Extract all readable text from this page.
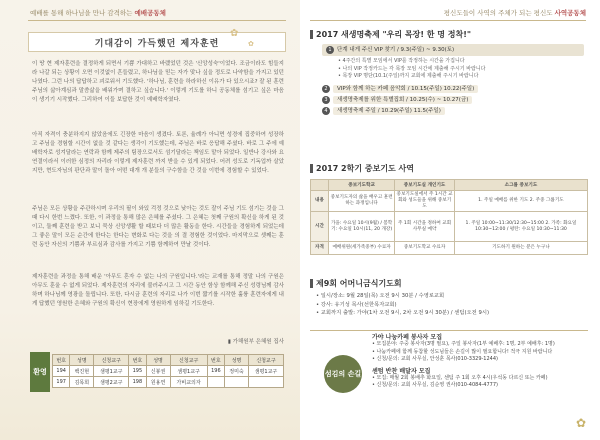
예배를 통해 하나님을 만나 감격하는 예배공동체
기대감이 가득했던 제자훈련
✿
✿
이 땅 현 제자훈련을 결정하게 되면서 기쁨 가대하고 바랬었던 것은 '신앙성숙'이었다. 조금이라도 힘들지라 나갈 되는 상황이 오면 이것없이 흔들렸고, 하나님을 믿는 자가 맞나 싶을 정도로 나약함을 가지고 있던 나였다. 그런 나의 답답하고 괴로워서 기도했다. '하나님, 훈련을 하라하신 이유가 다 있으시죠? 잘 된 훈련 주님의 삶아계심과 말씀삶을 배워가며 결하고 싶습니다.' 이렇게 기도를 하니 공동체를 섬기고 싶은 마음이 생기기 시작했다. 그리하여 이들 보답한 것이 예배학자였다.
아직 자격이 충분하지지 않았음에도 긴장한 마음이 생겼다. 토론, 율례가 아니면 성경에 집중하여 성장하고 주님을 경험할 시간이 없을 것 같다는 생각이 기도했는데, 주님은 바로 응답해 주셨다. 바로 그 주에 예배학자로 성겨달라는 연락과 함께 제주의 팀장으로서도 섬기달라는 책임도 맡아 되었다. 일반나 강사와 요 연결이라서 이러한 심정의 자리라 이렇게 제자훈련 까지 받을 수 있게 되었다. 어려 성도로 기독업까 살았지만, 현도자님의 판단과 말이 돌아 어떤 대개 개 분들의 구수함을 간 것을 이번에 경험할 수 있었다.
주님은 모든 상황을 주관하시며 우리의 필이 와있 걱정 것으로 낮아는 것도 잘이 주님 기도 섬기는 것을 그때 다시 한번 느꼈다. 또한, 이 과정을 통해 많은 은혜를 주셨다. 그 은혜는 첫째 구원의 확신을 하게 된 것이고, 둘째 훈련을 받고 보니 묵상 신앙생활 할 때보다 더 많은 활동을 한다. 시간들을 경험하게 되었는데 그 좋은 말이 모든 순간에 한다는 한다는 변화로 다는 것을 의 결 경험한 것이었다. 마지막으로 셋째는 훈련 동안 자신의 기쁨과 부르심과 감사를 가지고 기쁨 함께하여 만날 것이다.
제자훈련을 과정을 통해 배운 '아무도 혼자 수 없는 나의 구원입니다.'라는 교재를 통해 정말 나의 구원은 아무도 훈울 수 없게 되었다. 제자훈련의 자리에 불러주시고 그 시간 동안 함상 함께해 주신 성령님께 감사하며 하나님께 영광을 돌립니다. 또한, 다시금 훈련의 자리로 나가 이번 짧기를 시작한 훌륭 훈련자에게 내게 답했던 영원한 은혜와 구원의 확신이 현장에게 영원하게 임하길 기도한다.
▮ 가해원부 은혜원 집사
환영
번호	성명	신청교구	번호	성명	신청교구	번호	성명	신청교구
194	백진현	샘평1교구	195	신봉권	샘평1교구	196	정미숙	샘평1교구
197	김목희	샘평2교구	198	원용연	가비교의자			
평신도들이 사역의 주체가 되는 평신도 사역공동체
2017 새생명축제 "우리 목장! 한 명 정착!"
1 단계 내게 주신 VIP 찾기 / 9.3(주일) ~ 9.30(토)
• 4주간의 특별 모임에서 VIP를 작정하는 시간을 가집니다
• 나의 VIP 작정카드는 각 목장 모임 시간에 제출해 주시기 바랍니다
• 목장 VIP 명단(10.1(주일)까지 교회에 제출해 주시기 바랍니다
2 VIP와 함께 하는 카페 음악회 / 10.15(주일) 10.22(주일)
3 새생명축제를 위한 특별집회 / 10.25(수) ~ 10.27(금)
4 새생명축제 주일 / 10.29(주일) 11.5(주일)
2017 2학기 중보기도 사역
	중보기도학교	중보기도실 개인기도	소그룹 중보기도
내용	중보기도자의 삶을 배우고 훈련하는 과정입니다	중보기도실에서 주 1시간 교회와 성도들을 위해 중보기도	1. 주일 예배를 위한 기도 2. 주중 그룹기도
시간	가을: 수요일 10시(9월) / 봄학기: 수요일 10시(11, 20 개강)	주 1회 시간을 정하여 교회사무실 예약	1. 주일 10:00~11:30/12:30~15:00 2. 가족: 화요일 10:30~12:00 / 평탄: 수요일 10:30~11:30
자격	예배위원(세가족중부) 수료자	중보기도학교 수료자	기도하기 원하는 분은 누구나
제9회 어머니금식기도회
• 일시/장소: 9월 28일(목) 오전 9시 30분 / 수영로교회
• 강사: 유기성 목사(선한목자교회)
• 교회까지 출발: 가야(1차 오전 9시, 2차 오전 9시 30분) / 센텀(오전 9시)
섬김의 손길
가야 나눔카페 봉사자 모집
• 모집분야: 주중 봉사자(3명 필요), 주일 봉사자(1부 예배후: 1명, 2부 예배후: 1명)
• 나눔카페에 함께 동참할 성도님들은 손길이 많이 필요합니다! 적극 지원 바랍니다
• 신청/문의: 교회 사무실, 안성훈 목사(010-3329-1244)
센텀 반찬 배달자 모집
• 모집: 매월 2회 봉배추 화요일, 센텀 주 1회 오후 4시(우석동 다르신 또는 카페)
• 신청/문의: 교회 사무실, 김순영 권사(010-4084-4777)
✿
